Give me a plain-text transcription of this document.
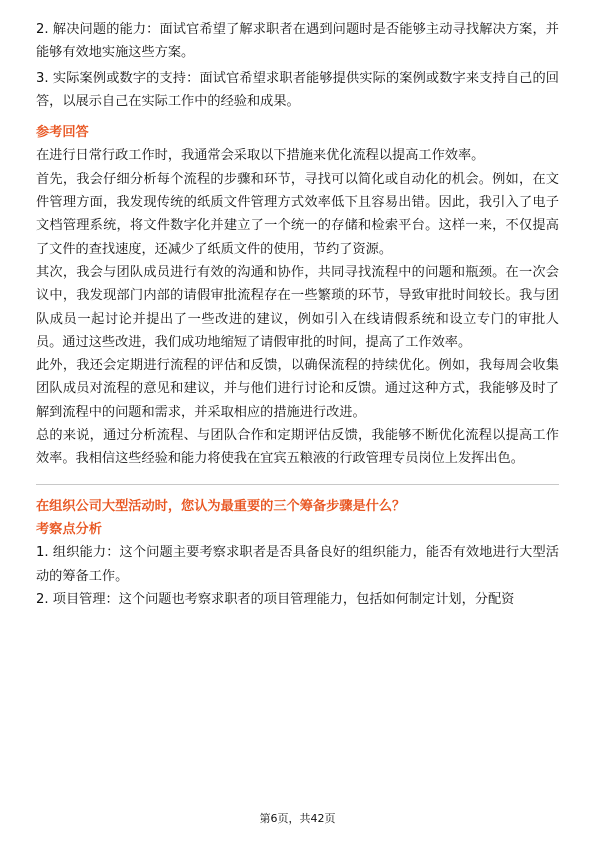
2. 解决问题的能力：面试官希望了解求职者在遇到问题时是否能够主动寻找解决方案，并能够有效地实施这些方案。

3. 实际案例或数字的支持：面试官希望求职者能够提供实际的案例或数字来支持自己的回答，以展示自己在实际工作中的经验和成果。

参考回答

在进行日常行政工作时，我通常会采取以下措施来优化流程以提高工作效率。

首先，我会仔细分析每个流程的步骤和环节，寻找可以简化或自动化的机会。例如，在文件管理方面，我发现传统的纸质文件管理方式效率低下且容易出错。因此，我引入了电子文档管理系统，将文件数字化并建立了一个统一的存储和检索平台。这样一来，不仅提高了文件的查找速度，还减少了纸质文件的使用，节约了资源。

其次，我会与团队成员进行有效的沟通和协作，共同寻找流程中的问题和瓶颈。在一次会议中，我发现部门内部的请假审批流程存在一些繁琐的环节，导致审批时间较长。我与团队成员一起讨论并提出了一些改进的建议，例如引入在线请假系统和设立专门的审批人员。通过这些改进，我们成功地缩短了请假审批的时间，提高了工作效率。

此外，我还会定期进行流程的评估和反馈，以确保流程的持续优化。例如，我每周会收集团队成员对流程的意见和建议，并与他们进行讨论和反馈。通过这种方式，我能够及时了解到流程中的问题和需求，并采取相应的措施进行改进。

总的来说，通过分析流程、与团队合作和定期评估反馈，我能够不断优化流程以提高工作效率。我相信这些经验和能力将使我在宜宾五粮液的行政管理专员岗位上发挥出色。

在组织公司大型活动时，您认为最重要的三个筹备步骤是什么？

考察点分析

1. 组织能力：这个问题主要考察求职者是否具备良好的组织能力，能否有效地进行大型活动的筹备工作。

2. 项目管理：这个问题也考察求职者的项目管理能力，包括如何制定计划，分配资

第6页，共42页
